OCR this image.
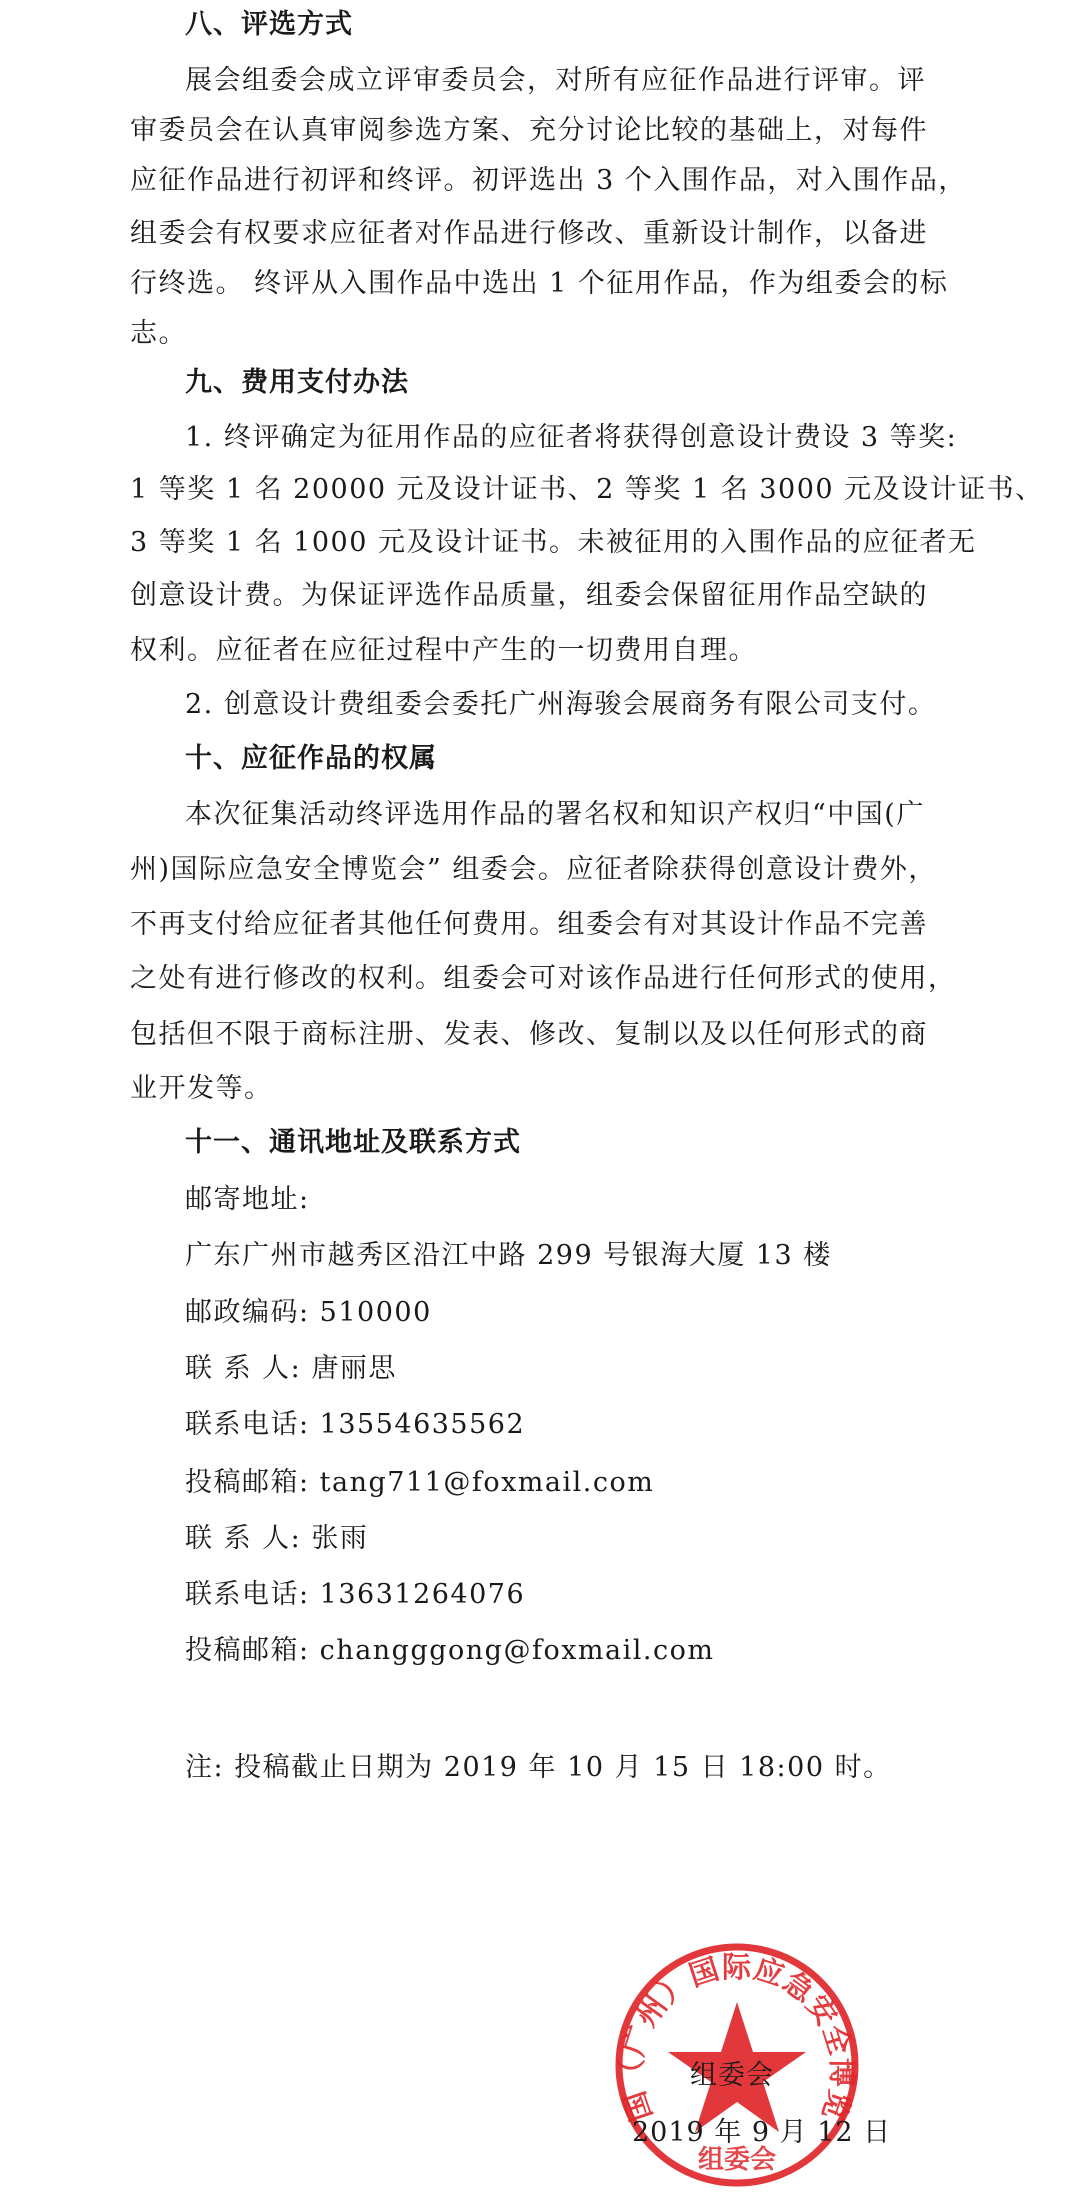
八、评选方式
展会组委会成立评审委员会，对所有应征作品进行评审。评
审委员会在认真审阅参选方案、充分讨论比较的基础上，对每件
应征作品进行初评和终评。初评选出 3 个入围作品，对入围作品，
组委会有权要求应征者对作品进行修改、重新设计制作，以备进
行终选。 终评从入围作品中选出 1 个征用作品，作为组委会的标
志。
九、费用支付办法
1. 终评确定为征用作品的应征者将获得创意设计费设 3 等奖:
1 等奖 1 名 20000 元及设计证书、2 等奖 1 名 3000 元及设计证书、
3 等奖 1 名 1000 元及设计证书。未被征用的入围作品的应征者无
创意设计费。为保证评选作品质量，组委会保留征用作品空缺的
权利。应征者在应征过程中产生的一切费用自理。
2. 创意设计费组委会委托广州海骏会展商务有限公司支付。
十、应征作品的权属
本次征集活动终评选用作品的署名权和知识产权归“中国(广
州)国际应急安全博览会” 组委会。应征者除获得创意设计费外，
不再支付给应征者其他任何费用。组委会有对其设计作品不完善
之处有进行修改的权利。组委会可对该作品进行任何形式的使用，
包括但不限于商标注册、发表、修改、复制以及以任何形式的商
业开发等。
十一、通讯地址及联系方式
邮寄地址:
广东广州市越秀区沿江中路 299 号银海大厦 13 楼
邮政编码: 510000
联 系 人: 唐丽思
联系电话: 13554635562
投稿邮箱: tang711@foxmail.com
联 系 人: 张雨
联系电话: 13631264076
投稿邮箱: changggong@foxmail.com
注: 投稿截止日期为 2019 年 10 月 15 日 18:00 时。
国（广州）国际应急安全博览
组委会
组委会
2019 年 9 月 12 日
